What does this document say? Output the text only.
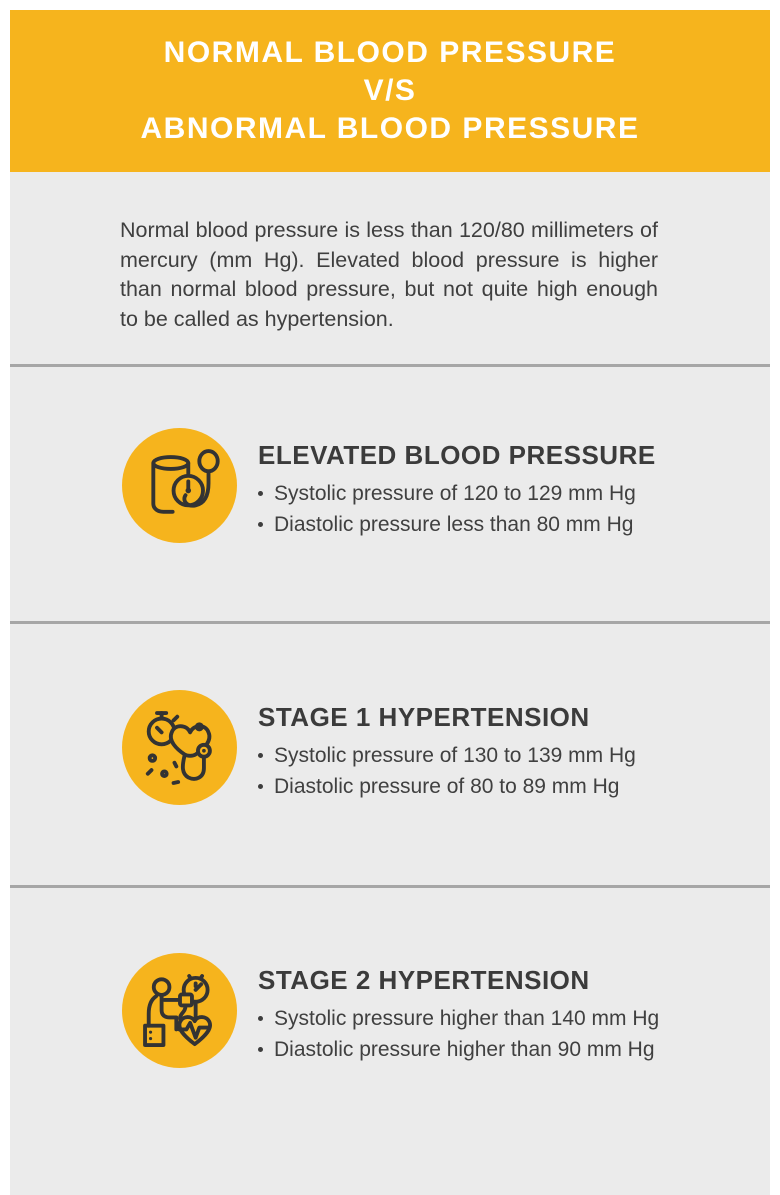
NORMAL BLOOD PRESSURE
V/S
ABNORMAL BLOOD PRESSURE
Normal blood pressure is less than 120/80 millimeters of mercury (mm Hg). Elevated blood pressure is higher than normal blood pressure, but not quite high enough to be called as hypertension.
ELEVATED BLOOD PRESSURE
Systolic pressure of 120 to 129 mm Hg
Diastolic pressure less than 80 mm Hg
STAGE 1 HYPERTENSION
Systolic pressure of 130 to 139 mm Hg
Diastolic pressure of 80 to 89 mm Hg
STAGE 2 HYPERTENSION
Systolic pressure higher than 140 mm Hg
Diastolic pressure higher than 90 mm Hg
